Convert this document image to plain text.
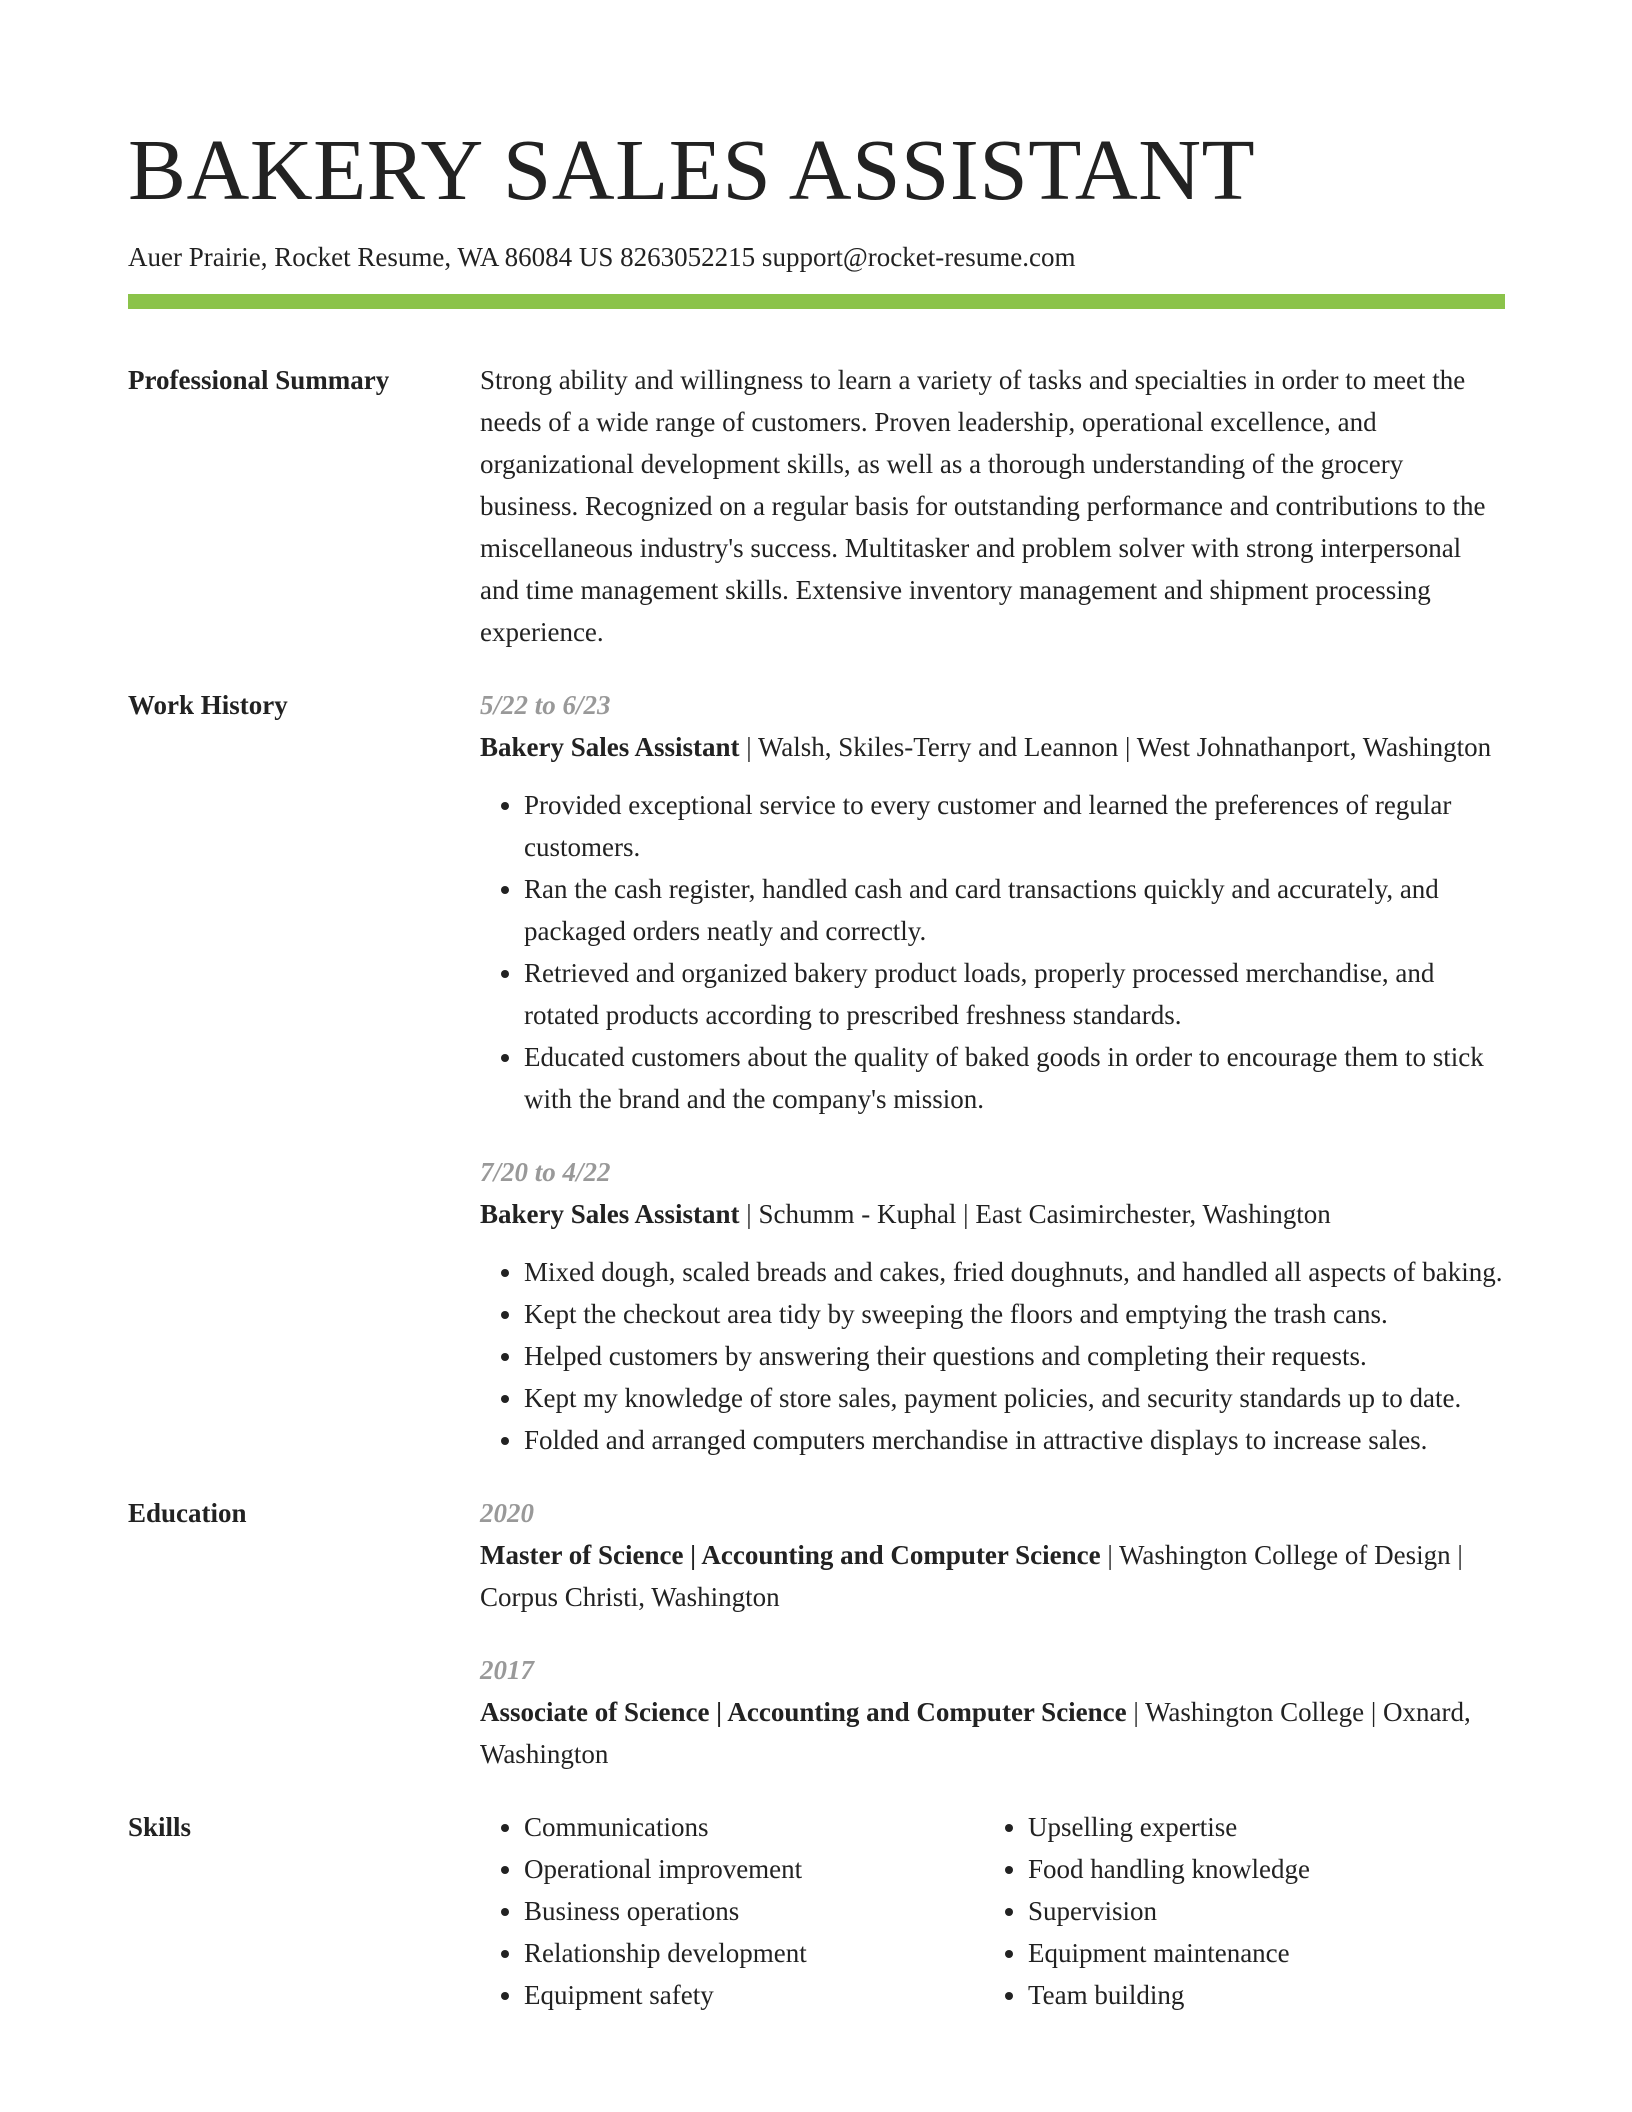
BAKERY SALES ASSISTANT
Auer Prairie, Rocket Resume, WA 86084 US 8263052215 support@rocket-resume.com
Professional Summary	Strong ability and willingness to learn a variety of tasks and specialties in order to meet the needs of a wide range of customers. Proven leadership, operational excellence, and organizational development skills, as well as a thorough understanding of the grocery business. Recognized on a regular basis for outstanding performance and contributions to the miscellaneous industry's success. Multitasker and problem solver with strong interpersonal and time management skills. Extensive inventory management and shipment processing experience.
Work History	5/22 to 6/23
Bakery Sales Assistant | Walsh, Skiles-Terry and Leannon | West Johnathanport, Washington
• Provided exceptional service to every customer and learned the preferences of regular customers.
• Ran the cash register, handled cash and card transactions quickly and accurately, and packaged orders neatly and correctly.
• Retrieved and organized bakery product loads, properly processed merchandise, and rotated products according to prescribed freshness standards.
• Educated customers about the quality of baked goods in order to encourage them to stick with the brand and the company's mission.
7/20 to 4/22
Bakery Sales Assistant | Schumm - Kuphal | East Casimirchester, Washington
• Mixed dough, scaled breads and cakes, fried doughnuts, and handled all aspects of baking.
• Kept the checkout area tidy by sweeping the floors and emptying the trash cans.
• Helped customers by answering their questions and completing their requests.
• Kept my knowledge of store sales, payment policies, and security standards up to date.
• Folded and arranged computers merchandise in attractive displays to increase sales.
Education	2020
Master of Science | Accounting and Computer Science | Washington College of Design | Corpus Christi, Washington
2017
Associate of Science | Accounting and Computer Science | Washington College | Oxnard, Washington
Skills
•	Communications
• Operational improvement
• Business operations
• Relationship development
• Equipment safety
• Upselling expertise
• Food handling knowledge
• Supervision
• Equipment maintenance
• Team building
